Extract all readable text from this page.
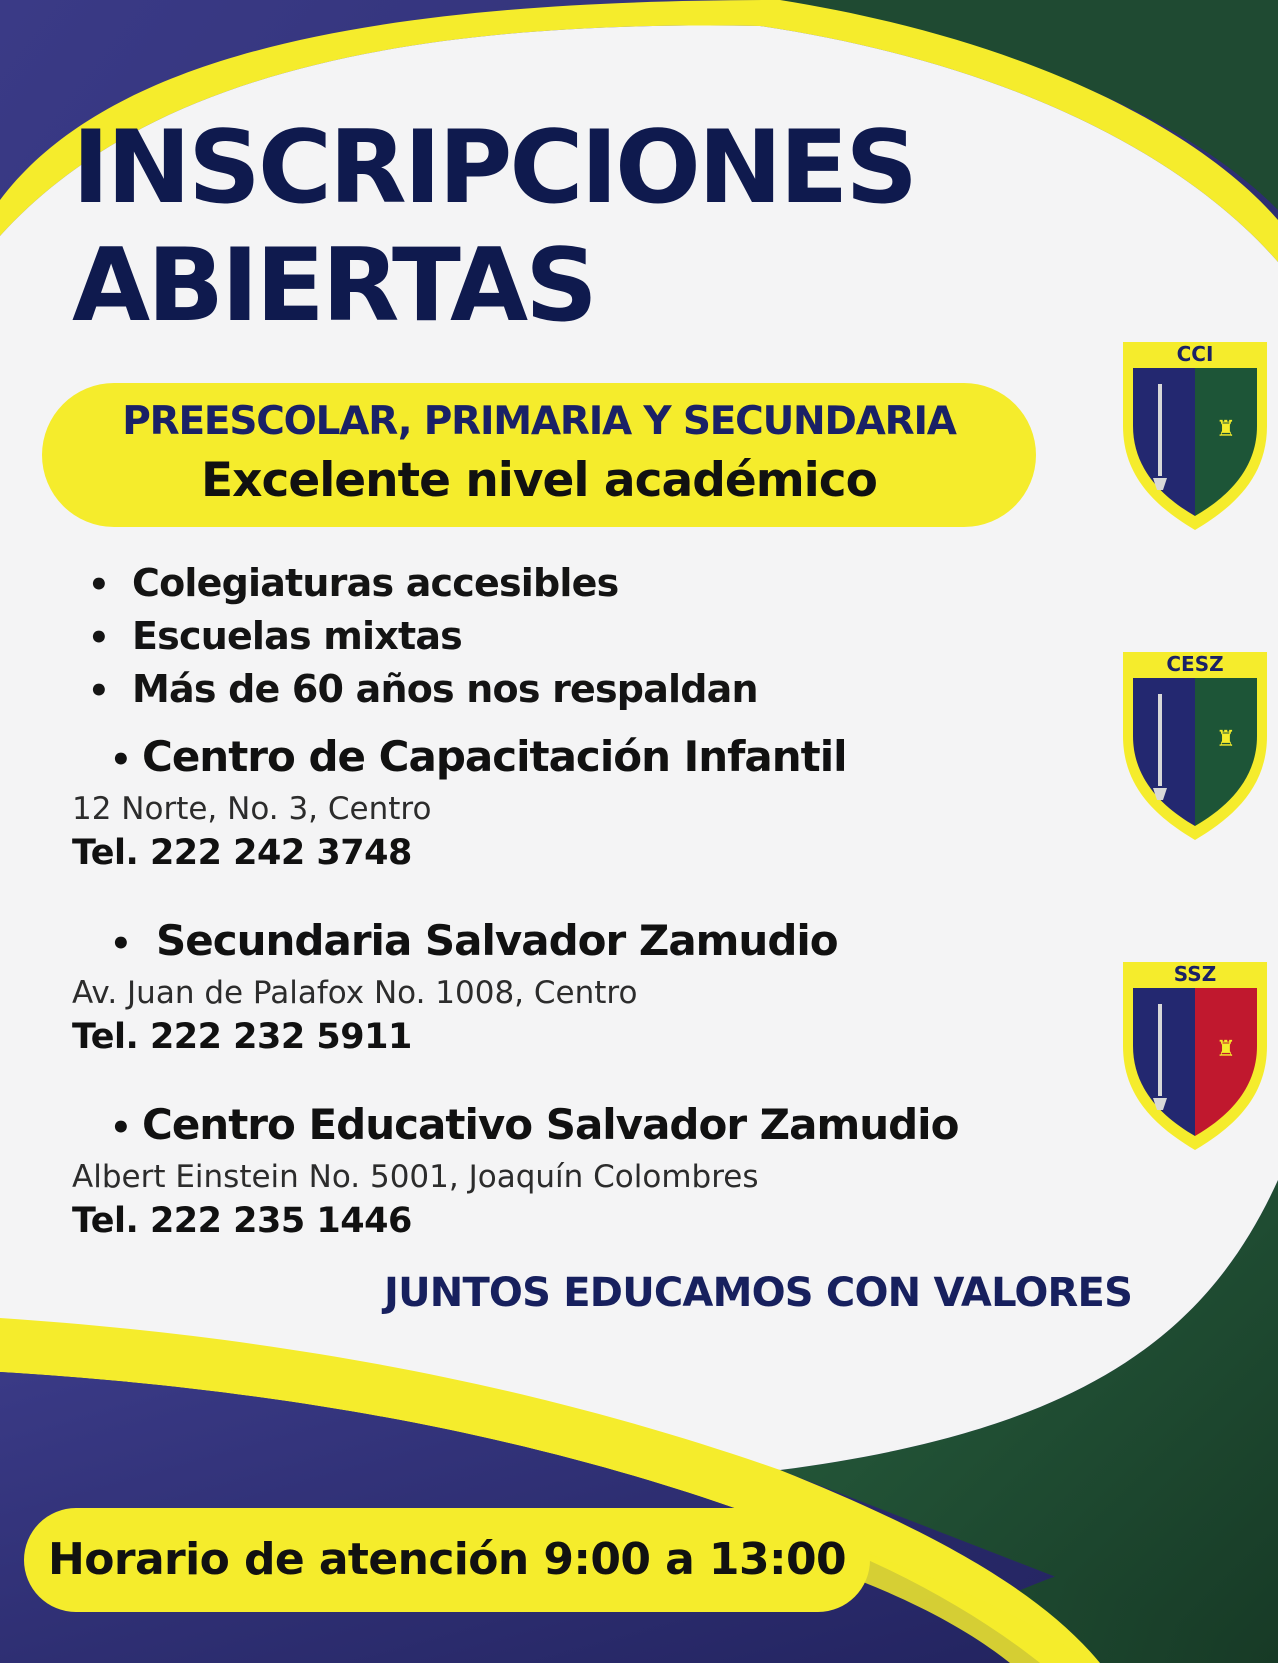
INSCRIPCIONES
ABIERTAS
PREESCOLAR, PRIMARIA Y SECUNDARIA
Excelente nivel académico
• Colegiaturas accesibles
• Escuelas mixtas
• Más de 60 años nos respaldan
• Centro de Capacitación Infantil
12 Norte, No. 3, Centro
Tel. 222 242 3748
• Secundaria Salvador Zamudio
Av. Juan de Palafox No. 1008, Centro
Tel. 222 232 5911
• Centro Educativo Salvador Zamudio
Albert Einstein No. 5001, Joaquín Colombres
Tel. 222 235 1446
JUNTOS EDUCAMOS CON VALORES
Horario de atención 9:00 a 13:00
♜
CCI
♜
CESZ
♜
SSZ
